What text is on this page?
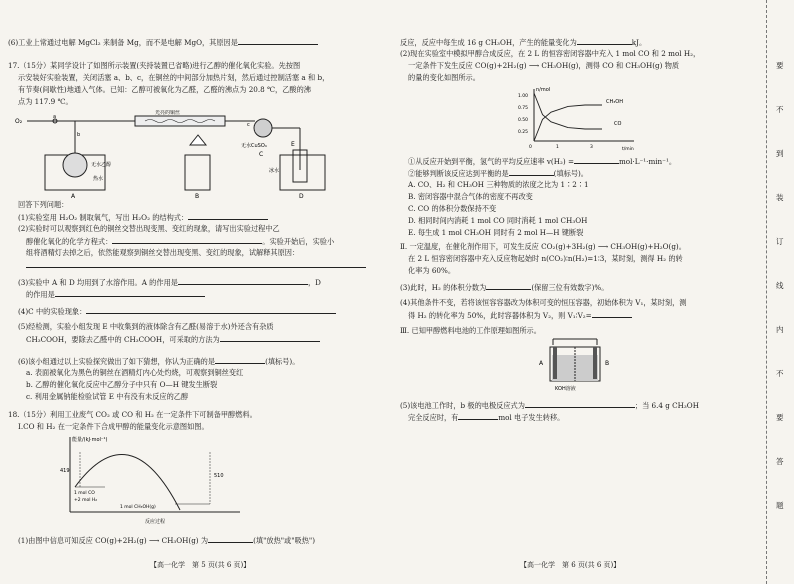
(6)工业上常通过电解 MgCl₂ 来制备 Mg，而不是电解 MgO，其原因是
17.（15分）某同学设计了如图所示装置(夹持装置已省略)进行乙醇的催化氧化实验。先按图
示安装好实验装置，关闭活塞 a、b、c，在铜丝的中间部分加热片刻，然后通过控制活塞 a 和 b，
有节奏(间歇性)地通入气体。已知：乙醇可被氧化为乙醛，乙醛的沸点为 20.8 ℃，乙酸的沸
点为 117.9 ℃。
O₂
a
b
无水乙醇
热水
A
光亮的铜丝
B
无水CuSO₄
C
c
E
冰水
D
回答下列问题：
(1)实验室用 H₂O₂ 制取氧气，写出 H₂O₂ 的结构式：
(2)实验时可以观察到红色的铜丝交替出现变黑、变红的现象，请写出实验过程中乙
醇催化氧化的化学方程式：	。实验开始后，实验小
组将酒精灯去掉之后，依然能观察到铜丝交替出现变黑、变红的现象，试解释其原因：
(3)实验中 A 和 D 均用到了水溶作用。A 的作用是	，D
的作用是
(4)C 中的实验现象：
(5)经检测，实验小组发现 E 中收集到的液体除含有乙醛(易溶于水)外还含有杂质
CH₃COOH，要除去乙醛中的 CH₃COOH，可采取的方法为
(6)该小组通过以上实验探究做出了如下猜想，你认为正确的是	(填标号)。
a. 表面被氧化为黑色的铜丝在酒精灯内心处灼烧，可观察到铜丝变红
b. 乙醇的催化氧化反应中乙醇分子中只有 O—H 键发生断裂
c. 利用金属钠能检验试管 E 中有没有未反应的乙醇
18.（15分）利用工业废气 CO₂ 或 CO 和 H₂ 在一定条件下可制备甲醇燃料。
Ⅰ.CO 和 H₂ 在一定条件下合成甲醇的能量变化示意图如图。
能量/(kJ·mol⁻¹)
419
510
1 mol CO
+2 mol H₂
1 mol CH₃OH(g)
反应过程
(1)由图中信息可知反应 CO(g)+2H₂(g) ⟶ CH₃OH(g) 为	(填"放热"或"吸热")
【高一化学　第 5 页(共 6 页)】
反应，反应中每生成 16 g CH₃OH，产生的能量变化为	kJ。
(2)现在实验室中模拟甲醇合成反应，在 2 L 的恒容密闭容器中充入 1 mol CO 和 2 mol H₂，
一定条件下发生反应 CO(g)+2H₂(g) ⟶ CH₃OH(g)，测得 CO 和 CH₃OH(g) 物质
的量的变化如图所示。
n/mol
1.00
0.75
0.50
0.25
0	1	3	t/min
CH₃OH
CO
①从反应开始到平衡，氢气的平均反应速率 v(H₂) =	mol·L⁻¹·min⁻¹。
②能够判断该反应达到平衡的是	(填标号)。
A. CO、H₂ 和 CH₃OH 三种物质的浓度之比为 1∶2∶1
B. 密闭容器中混合气体的密度不再改变
C. CO 的体积分数保持不变
D. 相同时间内消耗 1 mol CO 同时消耗 1 mol CH₃OH
E. 每生成 1 mol CH₃OH 同时有 2 mol H—H 键断裂
Ⅱ. 一定温度，在催化剂作用下，可发生反应 CO₂(g)+3H₂(g) ⟶ CH₃OH(g)+H₂O(g)。
在 2 L 恒容密闭容器中充入反应物起始时 n(CO₂)∶n(H₂)=1∶3，某时刻，测得 H₂ 的转
化率为 60%。
(3)此时，H₂ 的体积分数为	(保留三位有效数字)%。
(4)其他条件不变，若将该恒容容器改为体积可变的恒压容器，初始体积为 V₁，某时刻，测
得 H₂ 的转化率为 50%，此时容器体积为 V₂，则 V₁∶V₂=
Ⅲ. 已知甲醇燃料电池的工作原理如图所示。
A	B
KOH溶液
(5)该电池工作时，b 极的电极反应式为	；当 6.4 g CH₃OH
完全反应时，有	mol 电子发生转移。
【高一化学　第 6 页(共 6 页)】
要
不
到
装
订
线
内
不
要
答
题
